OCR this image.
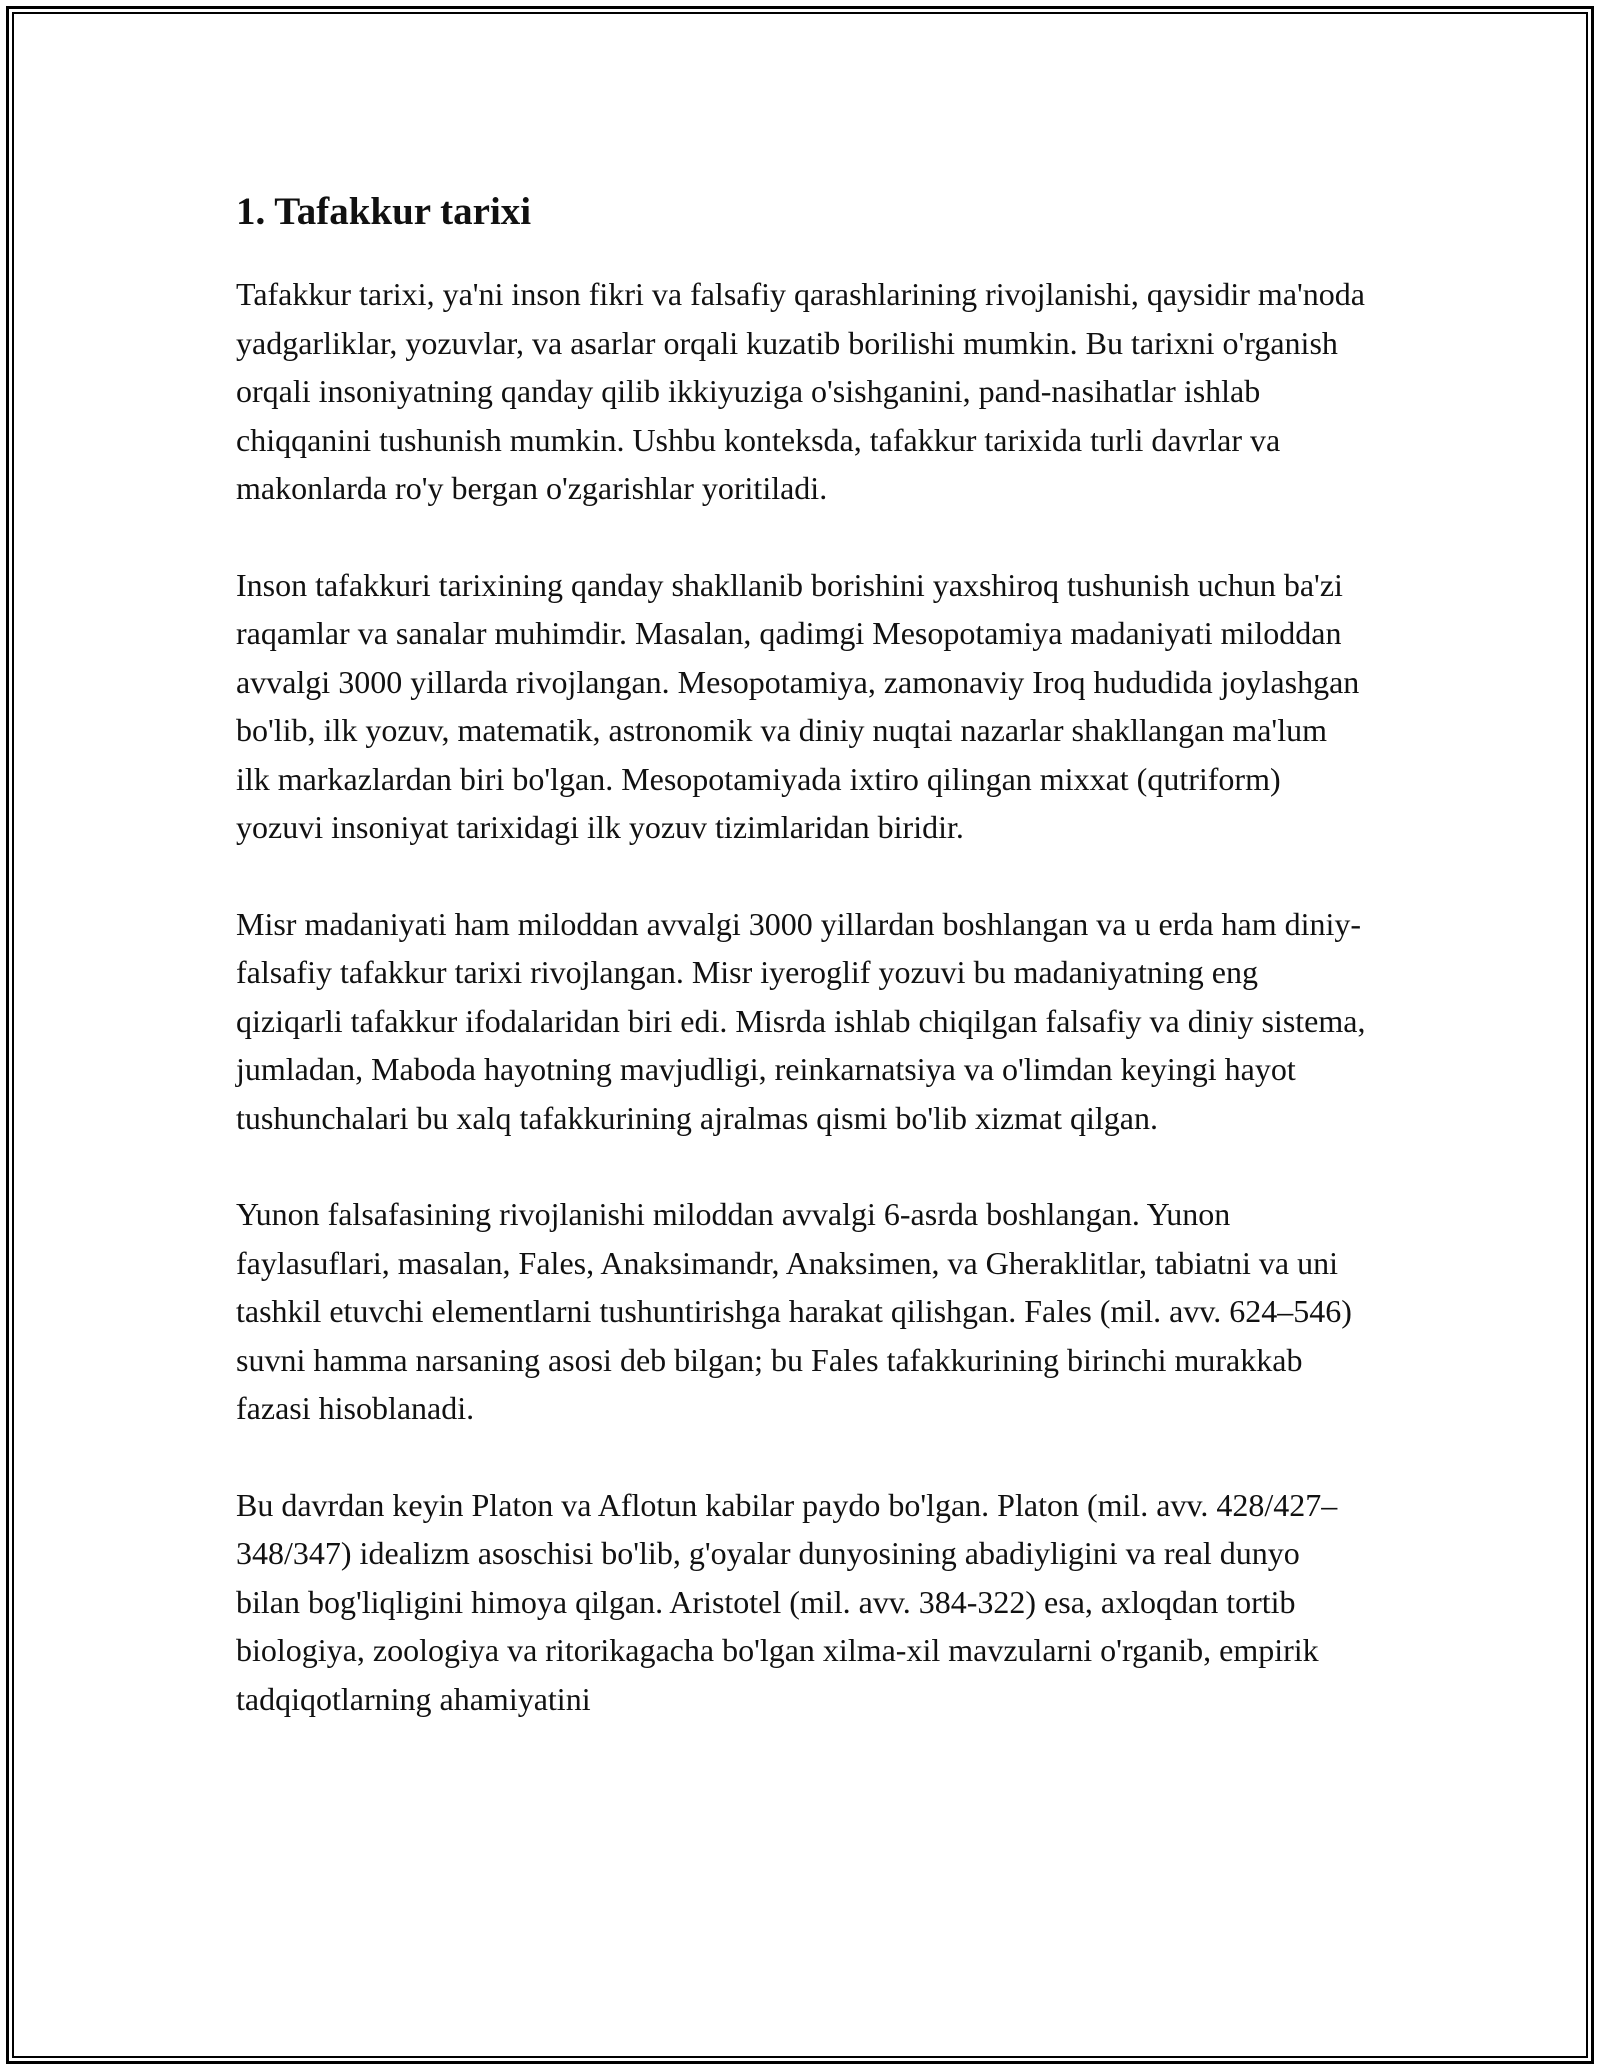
1. Tafakkur tarixi

Tafakkur tarixi, ya'ni inson fikri va falsafiy qarashlarining rivojlanishi, qaysidir ma'noda yadgarliklar, yozuvlar, va asarlar orqali kuzatib borilishi mumkin. Bu tarixni o'rganish orqali insoniyatning qanday qilib ikkiyuziga o'sishganini, pand-nasihatlar ishlab chiqqanini tushunish mumkin. Ushbu konteksda, tafakkur tarixida turli davrlar va makonlarda ro'y bergan o'zgarishlar yoritiladi.

Inson tafakkuri tarixining qanday shakllanib borishini yaxshiroq tushunish uchun ba'zi raqamlar va sanalar muhimdir. Masalan, qadimgi Mesopotamiya madaniyati miloddan avvalgi 3000 yillarda rivojlangan. Mesopotamiya, zamonaviy Iroq hududida joylashgan bo'lib, ilk yozuv, matematik, astronomik va diniy nuqtai nazarlar shakllangan ma'lum ilk markazlardan biri bo'lgan. Mesopotamiyada ixtiro qilingan mixxat (qutriform) yozuvi insoniyat tarixidagi ilk yozuv tizimlaridan biridir.

Misr madaniyati ham miloddan avvalgi 3000 yillardan boshlangan va u erda ham diniy-falsafiy tafakkur tarixi rivojlangan. Misr iyeroglif yozuvi bu madaniyatning eng qiziqarli tafakkur ifodalaridan biri edi. Misrda ishlab chiqilgan falsafiy va diniy sistema, jumladan, Maboda hayotning mavjudligi, reinkarnatsiya va o'limdan keyingi hayot tushunchalari bu xalq tafakkurining ajralmas qismi bo'lib xizmat qilgan.

Yunon falsafasining rivojlanishi miloddan avvalgi 6-asrda boshlangan. Yunon faylasuflari, masalan, Fales, Anaksimandr, Anaksimen, va Gheraklitlar, tabiatni va uni tashkil etuvchi elementlarni tushuntirishga harakat qilishgan. Fales (mil. avv. 624–546) suvni hamma narsaning asosi deb bilgan; bu Fales tafakkurining birinchi murakkab fazasi hisoblanadi.

Bu davrdan keyin Platon va Aflotun kabilar paydo bo'lgan. Platon (mil. avv. 428/427–348/347) idealizm asoschisi bo'lib, g'oyalar dunyosining abadiyligini va real dunyo bilan bog'liqligini himoya qilgan. Aristotel (mil. avv. 384-322) esa, axloqdan tortib biologiya, zoologiya va ritorikagacha bo'lgan xilma-xil mavzularni o'rganib, empirik tadqiqotlarning ahamiyatini
